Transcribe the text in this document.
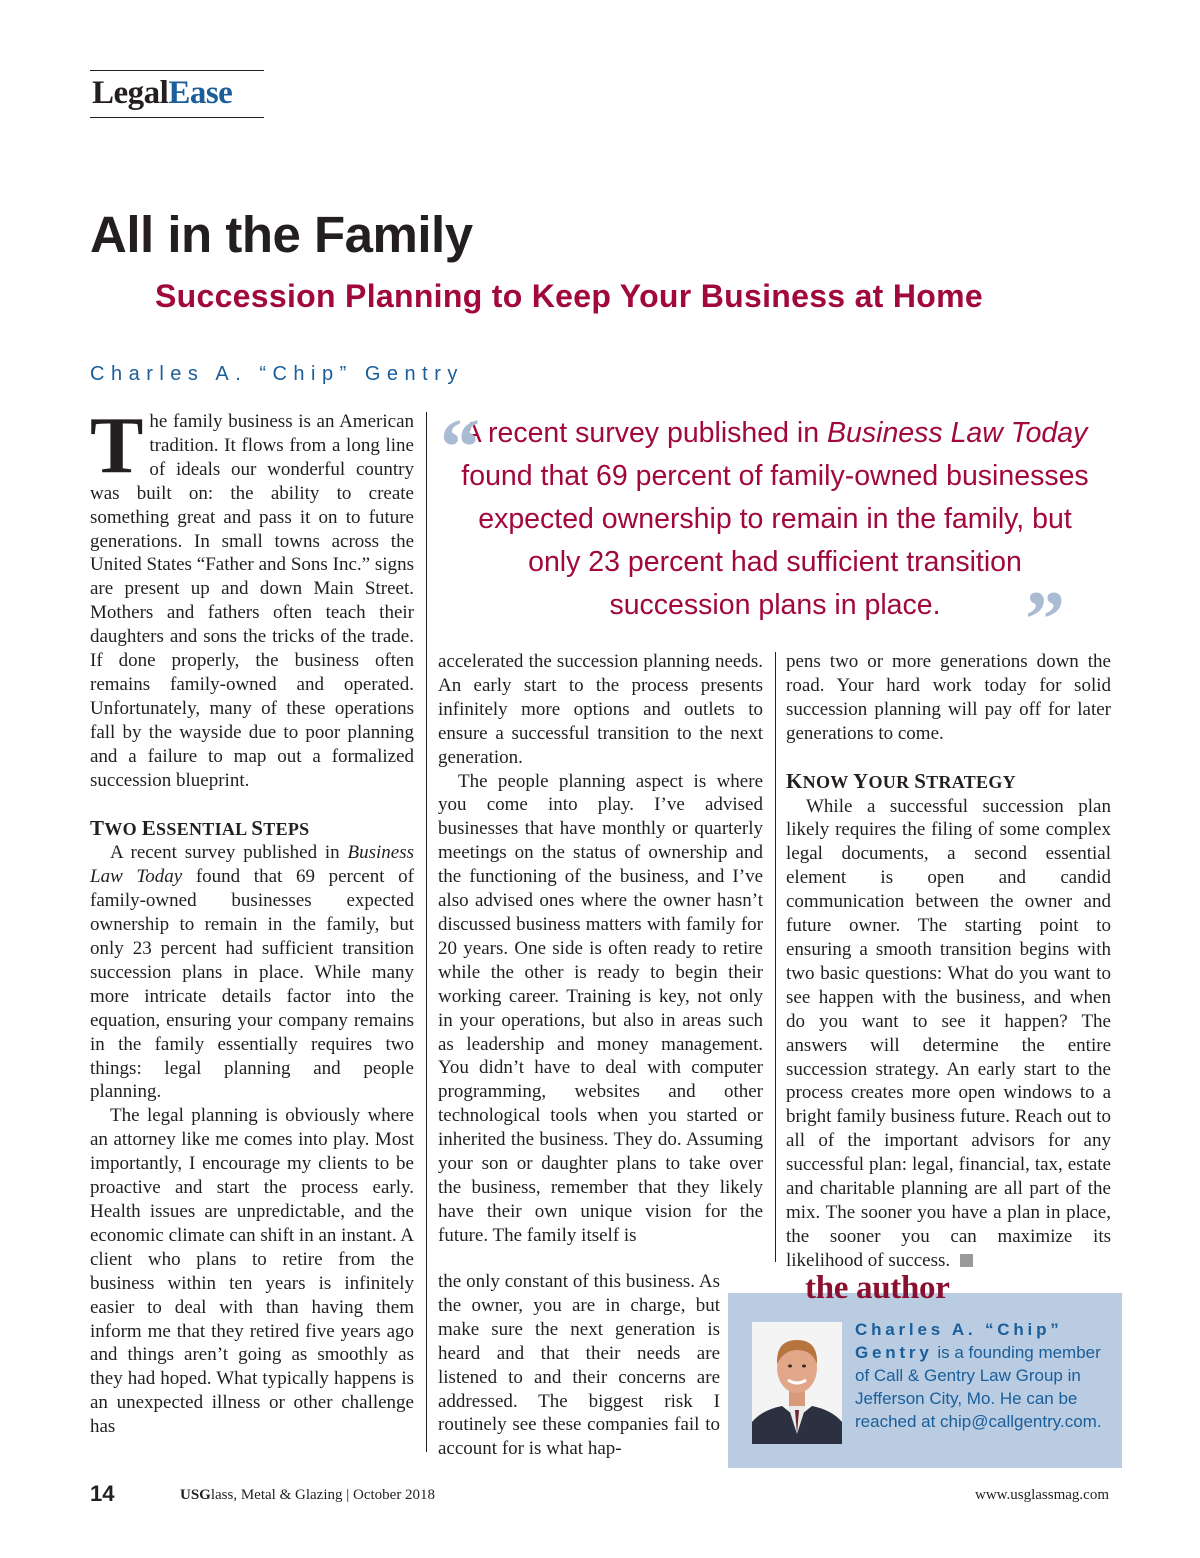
LegalEase
All in the Family
Succession Planning to Keep Your Business at Home
Charles A. “Chip” Gentry
“
A recent survey published in Business Law Today found that 69 percent of family-owned businesses expected ownership to remain in the family, but only 23 percent had sufficient transition succession plans in place.	”

The family business is an American tradition. It flows from a long line of ideals our wonderful country was built on: the ability to create something great and pass it on to future generations. In small towns across the United States “Father and Sons Inc.” signs are present up and down Main Street. Mothers and fathers often teach their daughters and sons the tricks of the trade. If done properly, the business often remains family-owned and operated. Unfortunately, many of these operations fall by the wayside due to poor planning and a failure to map out a formalized succession blueprint.

TWO ESSENTIAL STEPS

A recent survey published in Business Law Today found that 69 percent of family-owned businesses expected ownership to remain in the family, but only 23 percent had sufficient transition succession plans in place. While many more intricate details factor into the equation, ensuring your company remains in the family essentially requires two things: legal planning and people planning.

The legal planning is obviously where an attorney like me comes into play. Most importantly, I encourage my clients to be proactive and start the process early. Health issues are unpredictable, and the economic climate can shift in an instant. A client who plans to retire from the business within ten years is infinitely easier to deal with than having them inform me that they retired five years ago and things aren’t going as smoothly as they had hoped. What typically happens is an unexpected illness or other challenge has

accelerated the succession planning needs. An early start to the process presents infinitely more options and outlets to ensure a successful transition to the next generation.

The people planning aspect is where you come into play. I’ve advised businesses that have monthly or quarterly meetings on the status of ownership and the functioning of the business, and I’ve also advised ones where the owner hasn’t discussed business matters with family for 20 years. One side is often ready to retire while the other is ready to begin their working career. Training is key, not only in your operations, but also in areas such as leadership and money management. You didn’t have to deal with computer programming, websites and other technological tools when you started or inherited the business. They do. Assuming your son or daughter plans to take over the business, remember that they likely have their own unique vision for the future. The family itself is

the only constant of this business. As the owner, you are in charge, but make sure the next generation is heard and that their needs are listened to and their concerns are addressed. The biggest risk I routinely see these companies fail to account for is what hap-

pens two or more generations down the road. Your hard work today for solid succession planning will pay off for later generations to come.

KNOW YOUR STRATEGY

While a successful succession plan likely requires the filing of some complex legal documents, a second essential element is open and candid communication between the owner and future owner. The starting point to ensuring a smooth transition begins with two basic questions: What do you want to see happen with the business, and when do you want to see it happen? The answers will determine the entire succession strategy. An early start to the process creates more open windows to a bright family business future. Reach out to all of the important advisors for any successful plan: legal, financial, tax, estate and charitable planning are all part of the mix. The sooner you have a plan in place, the sooner you can maximize its likelihood of success.

the author
Charles A. “Chip” Gentry is a founding member of Call & Gentry Law Group in Jefferson City, Mo. He can be reached at chip@callgentry.com.
14	USGlass, Metal & Glazing | October 2018	www.usglassmag.com
